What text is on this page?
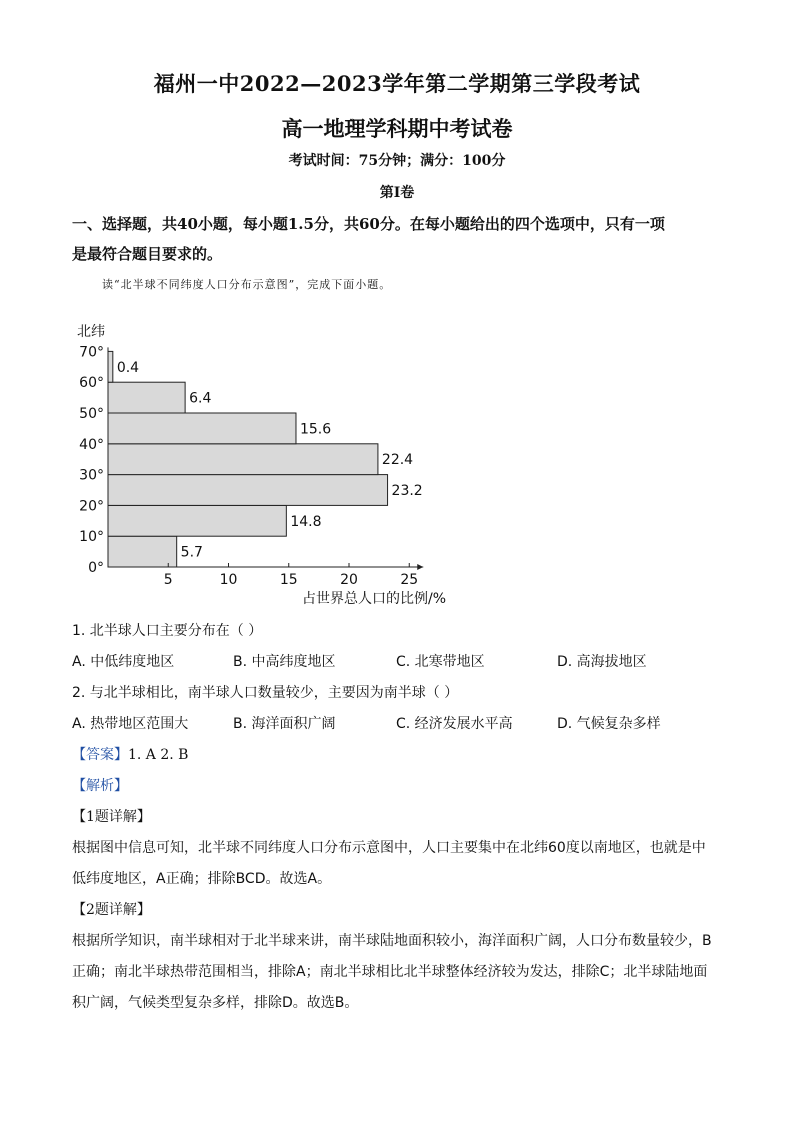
福州一中2022—2023学年第二学期第三学段考试
高一地理学科期中考试卷
考试时间：75分钟；满分：100分
第Ⅰ卷
一、选择题，共40小题，每小题1.5分，共60分。在每小题给出的四个选项中，只有一项
是最符合题目要求的。
读“北半球不同纬度人口分布示意图”，完成下面小题。
北纬
占世界总人口的比例/%
5.7
14.8
23.2
22.4
15.6
6.4
0.4
0°
10°
20°
30°
40°
50°
60°
70°
5	10	15	20	25
1. 北半球人口主要分布在（ ）
A. 中低纬度地区	B. 中高纬度地区	C. 北寒带地区	D. 高海拔地区
2. 与北半球相比，南半球人口数量较少，主要因为南半球（ ）
A. 热带地区范围大	B. 海洋面积广阔	C. 经济发展水平高	D. 气候复杂多样
【答案】1. A 2. B
【解析】
【1题详解】
根据图中信息可知，北半球不同纬度人口分布示意图中，人口主要集中在北纬60度以南地区，也就是中
低纬度地区，A正确；排除BCD。故选A。
【2题详解】
根据所学知识，南半球相对于北半球来讲，南半球陆地面积较小，海洋面积广阔，人口分布数量较少，B
正确；南北半球热带范围相当，排除A；南北半球相比北半球整体经济较为发达，排除C；北半球陆地面
积广阔，气候类型复杂多样，排除D。故选B。
